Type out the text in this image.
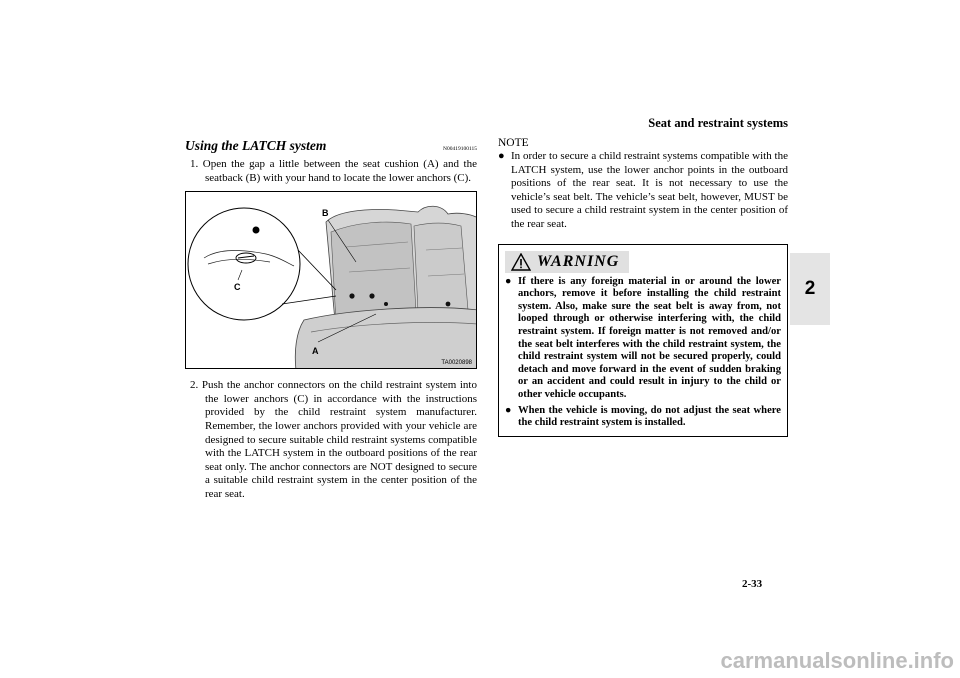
Seat and restraint systems
2
Using the LATCH system	N00419100115
1. Open the gap a little between the seat cushion (A) and the seatback (B) with your hand to locate the lower anchors (C).
B
A
C
TA0020898
2. Push the anchor connectors on the child restraint system into the lower anchors (C) in accordance with the instructions provided by the child restraint system manufacturer. Remember, the lower anchors provided with your vehicle are designed to secure suitable child restraint systems compatible with the LATCH system in the outboard positions of the rear seat only. The anchor connectors are NOT designed to secure a suitable child restraint system in the center position of the rear seat.
NOTE
● In order to secure a child restraint systems compatible with the LATCH system, use the lower anchor points in the outboard positions of the rear seat. It is not necessary to use the vehicle’s seat belt. The vehicle’s seat belt, however, MUST be used to secure a child restraint system in the center position of the rear seat.
WARNING
● If there is any foreign material in or around the lower anchors, remove it before installing the child restraint system. Also, make sure the seat belt is away from, not looped through or otherwise interfering with, the child restraint system. If foreign matter is not removed and/or the seat belt interferes with the child restraint system, the child restraint system will not be secured properly, could detach and move forward in the event of sudden braking or an accident and could result in injury to the child or other vehicle occupants.
● When the vehicle is moving, do not adjust the seat where the child restraint system is installed.
2-33
carmanualsonline.info
